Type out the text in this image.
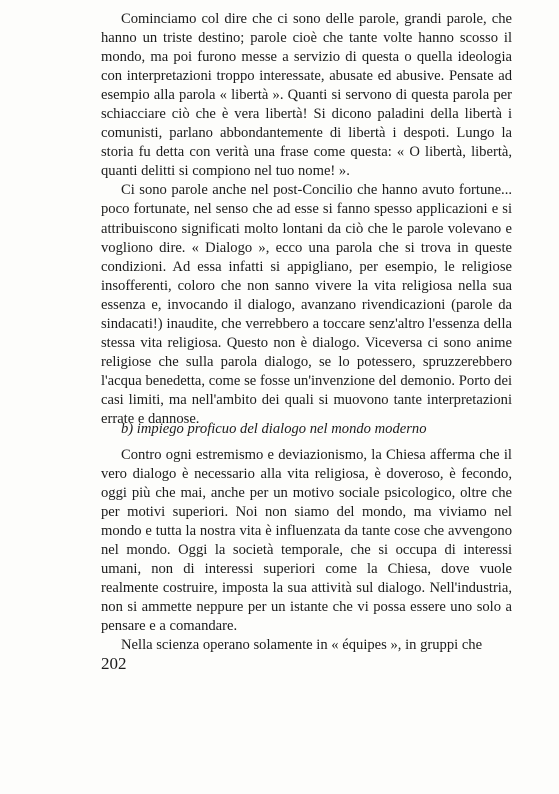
Cominciamo col dire che ci sono delle parole, grandi parole, che hanno un triste destino; parole cioè che tante volte hanno scosso il mondo, ma poi furono messe a servizio di questa o quella ideologia con interpretazioni troppo interessate, abusate ed abusive. Pensate ad esempio alla parola « libertà ». Quanti si servono di questa parola per schiacciare ciò che è vera libertà! Si dicono paladini della libertà i comunisti, parlano abbondantemente di libertà i despoti. Lungo la storia fu detta con verità una frase come questa: « O libertà, libertà, quanti delitti si compiono nel tuo nome! ».

Ci sono parole anche nel post-Concilio che hanno avuto fortune... poco fortunate, nel senso che ad esse si fanno spesso applicazioni e si attribuiscono significati molto lontani da ciò che le parole volevano e vogliono dire. « Dialogo », ecco una parola che si trova in queste condizioni. Ad essa infatti si appigliano, per esempio, le religiose insofferenti, coloro che non sanno vivere la vita religiosa nella sua essenza e, invocando il dialogo, avanzano rivendicazioni (parole da sindacati!) inaudite, che verrebbero a toccare senz'altro l'essenza della stessa vita religiosa. Questo non è dialogo. Viceversa ci sono anime religiose che sulla parola dialogo, se lo potessero, spruzzerebbero l'acqua benedetta, come se fosse un'invenzione del demonio. Porto dei casi limiti, ma nell'ambito dei quali si muovono tante interpretazioni errate e dannose.

b) impiego proficuo del dialogo nel mondo moderno

Contro ogni estremismo e deviazionismo, la Chiesa afferma che il vero dialogo è necessario alla vita religiosa, è doveroso, è fecondo, oggi più che mai, anche per un motivo sociale psicologico, oltre che per motivi superiori. Noi non siamo del mondo, ma viviamo nel mondo e tutta la nostra vita è influenzata da tante cose che avvengono nel mondo. Oggi la società temporale, che si occupa di interessi umani, non di interessi superiori come la Chiesa, dove vuole realmente costruire, imposta la sua attività sul dialogo. Nell'industria, non si ammette neppure per un istante che vi possa essere uno solo a pensare e a comandare.

Nella scienza operano solamente in « équipes », in gruppi che

202
